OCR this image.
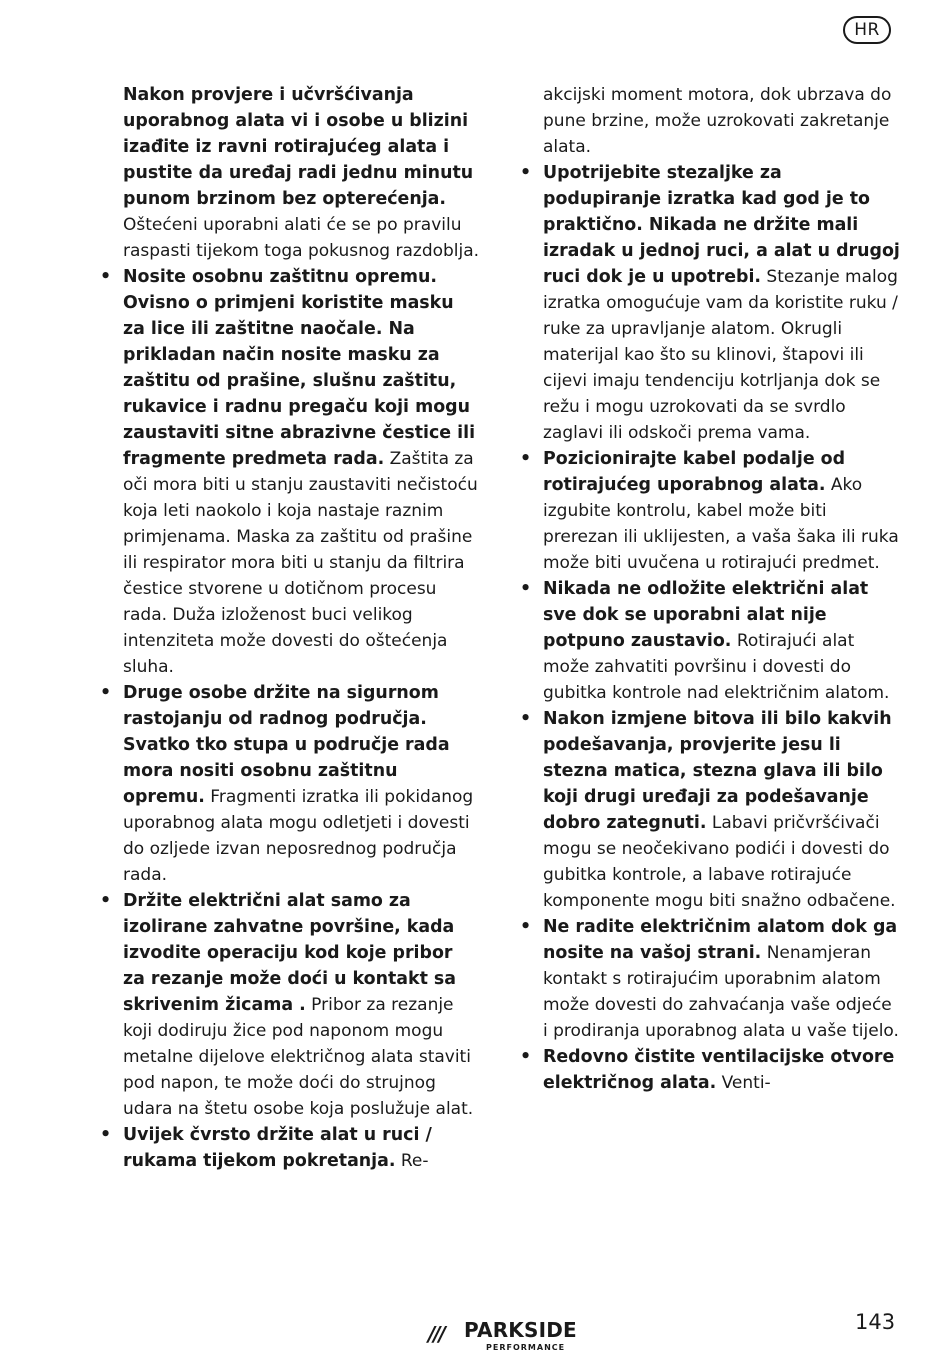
HR

Nakon provjere i učvršćivanja uporabnog alata vi i osobe u blizini izađite iz ravni rotirajućeg alata i pustite da uređaj radi jednu minutu punom brzinom bez opterećenja. Oštećeni uporabni alati će se po pravilu raspasti tijekom toga pokusnog razdoblja.

• Nosite osobnu zaštitnu opremu. Ovisno o primjeni koristite masku za lice ili zaštitne naočale. Na prikladan način nosite masku za zaštitu od prašine, slušnu zaštitu, rukavice i radnu pregaču koji mogu zaustaviti sitne abrazivne čestice ili fragmente predmeta rada. Zaštita za oči mora biti u stanju zaustaviti nečistoću koja leti naokolo i koja nastaje raznim primjenama. Maska za zaštitu od prašine ili respirator mora biti u stanju da filtrira čestice stvorene u dotičnom procesu rada. Duža izloženost buci velikog intenziteta može dovesti do oštećenja sluha.

• Druge osobe držite na sigurnom rastojanju od radnog područja. Svatko tko stupa u područje rada mora nositi osobnu zaštitnu opremu. Fragmenti izratka ili pokidanog uporabnog alata mogu odletjeti i dovesti do ozljede izvan neposrednog područja rada.

• Držite električni alat samo za izolirane zahvatne površine, kada izvodite operaciju kod koje pribor za rezanje može doći u kontakt sa skrivenim žicama . Pribor za rezanje koji dodiruju žice pod naponom mogu metalne dijelove električnog alata staviti pod napon, te može doći do strujnog udara na štetu osobe koja poslužuje alat.

• Uvijek čvrsto držite alat u ruci / rukama tijekom pokretanja. Re-

akcijski moment motora, dok ubrzava do pune brzine, može uzrokovati zakretanje alata.

• Upotrijebite stezaljke za podupiranje izratka kad god je to praktično. Nikada ne držite mali izradak u jednoj ruci, a alat u drugoj ruci dok je u upotrebi. Stezanje malog izratka omogućuje vam da koristite ruku / ruke za upravljanje alatom. Okrugli materijal kao što su klinovi, štapovi ili cijevi imaju tendenciju kotrljanja dok se režu i mogu uzrokovati da se svrdlo zaglavi ili odskoči prema vama.

• Pozicionirajte kabel podalje od rotirajućeg uporabnog alata. Ako izgubite kontrolu, kabel može biti prerezan ili uklijesten, a vaša šaka ili ruka može biti uvučena u rotirajući predmet.

• Nikada ne odložite električni alat sve dok se uporabni alat nije potpuno zaustavio. Rotirajući alat može zahvatiti površinu i dovesti do gubitka kontrole nad električnim alatom.

• Nakon izmjene bitova ili bilo kakvih podešavanja, provjerite jesu li stezna matica, stezna glava ili bilo koji drugi uređaji za podešavanje dobro zategnuti. Labavi pričvršćivači mogu se neočekivano podići i dovesti do gubitka kontrole, a labave rotirajuće komponente mogu biti snažno odbačene.

• Ne radite električnim alatom dok ga nosite na vašoj strani. Nenamjeran kontakt s rotirajućim uporabnim alatom može dovesti do zahvaćanja vaše odjeće i prodiranja uporabnog alata u vaše tijelo.

• Redovno čistite ventilacijske otvore električnog alata. Venti-

/// PARKSIDE
PERFORMANCE
143
